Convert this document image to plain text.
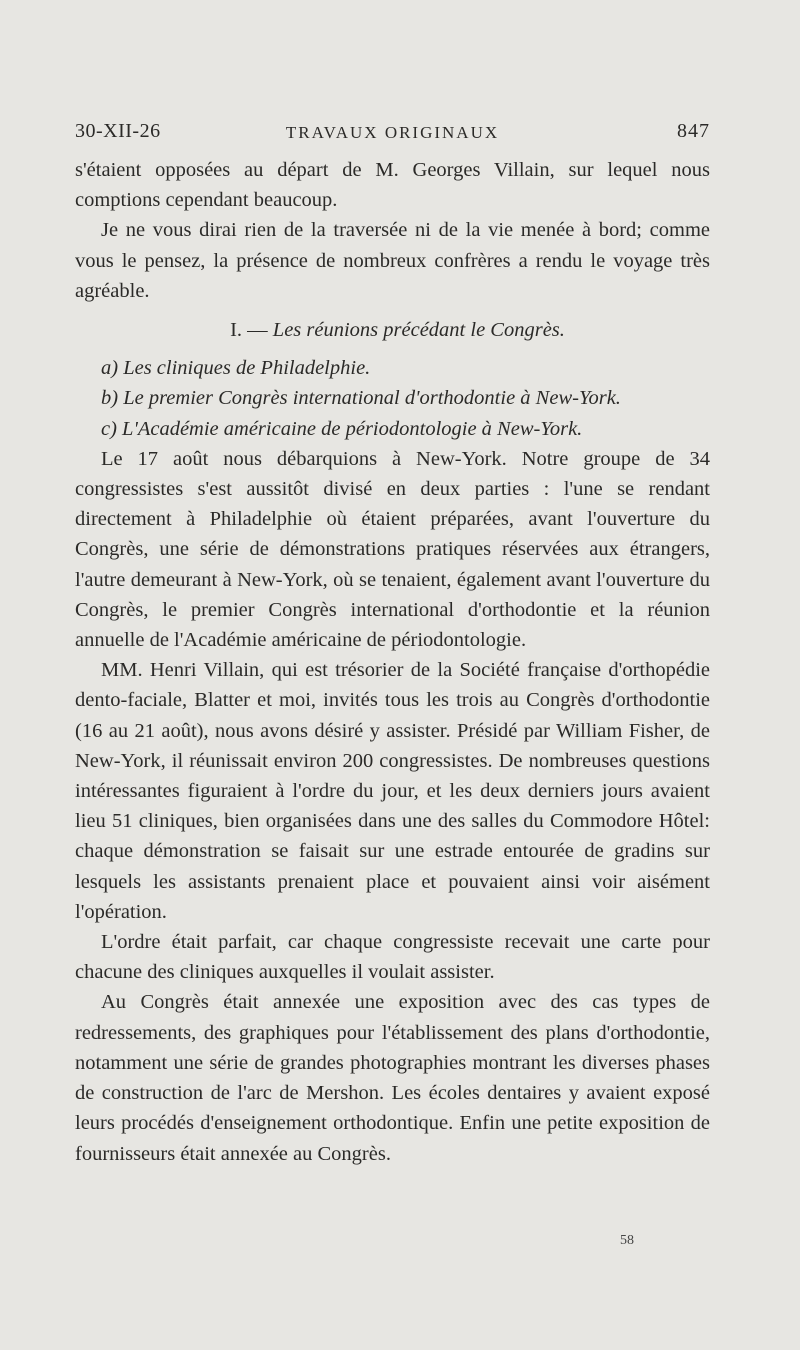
30-XII-26	TRAVAUX ORIGINAUX	847

s'étaient opposées au départ de M. Georges Villain, sur lequel nous comptions cependant beaucoup.

Je ne vous dirai rien de la traversée ni de la vie menée à bord; comme vous le pensez, la présence de nombreux confrères a rendu le voyage très agréable.

I. — Les réunions précédant le Congrès.

a) Les cliniques de Philadelphie.

b) Le premier Congrès international d'orthodontie à New-York.

c) L'Académie américaine de périodontologie à New-York.

Le 17 août nous débarquions à New-York. Notre groupe de 34 congressistes s'est aussitôt divisé en deux parties : l'une se rendant directement à Philadelphie où étaient préparées, avant l'ouverture du Congrès, une série de démonstrations pratiques réservées aux étrangers, l'autre demeurant à New-York, où se tenaient, également avant l'ouverture du Congrès, le premier Congrès international d'orthodontie et la réunion annuelle de l'Académie américaine de périodontologie.

MM. Henri Villain, qui est trésorier de la Société française d'orthopédie dento-faciale, Blatter et moi, invités tous les trois au Congrès d'orthodontie (16 au 21 août), nous avons désiré y assister. Présidé par William Fisher, de New-York, il réunissait environ 200 congressistes. De nombreuses questions intéressantes figuraient à l'ordre du jour, et les deux derniers jours avaient lieu 51 cliniques, bien organisées dans une des salles du Commodore Hôtel: chaque démonstration se faisait sur une estrade entourée de gradins sur lesquels les assistants prenaient place et pouvaient ainsi voir aisément l'opération.

L'ordre était parfait, car chaque congressiste recevait une carte pour chacune des cliniques auxquelles il voulait assister.

Au Congrès était annexée une exposition avec des cas types de redressements, des graphiques pour l'établissement des plans d'orthodontie, notamment une série de grandes photographies montrant les diverses phases de construction de l'arc de Mershon. Les écoles dentaires y avaient exposé leurs procédés d'enseignement orthodontique. Enfin une petite exposition de fournisseurs était annexée au Congrès.

58
